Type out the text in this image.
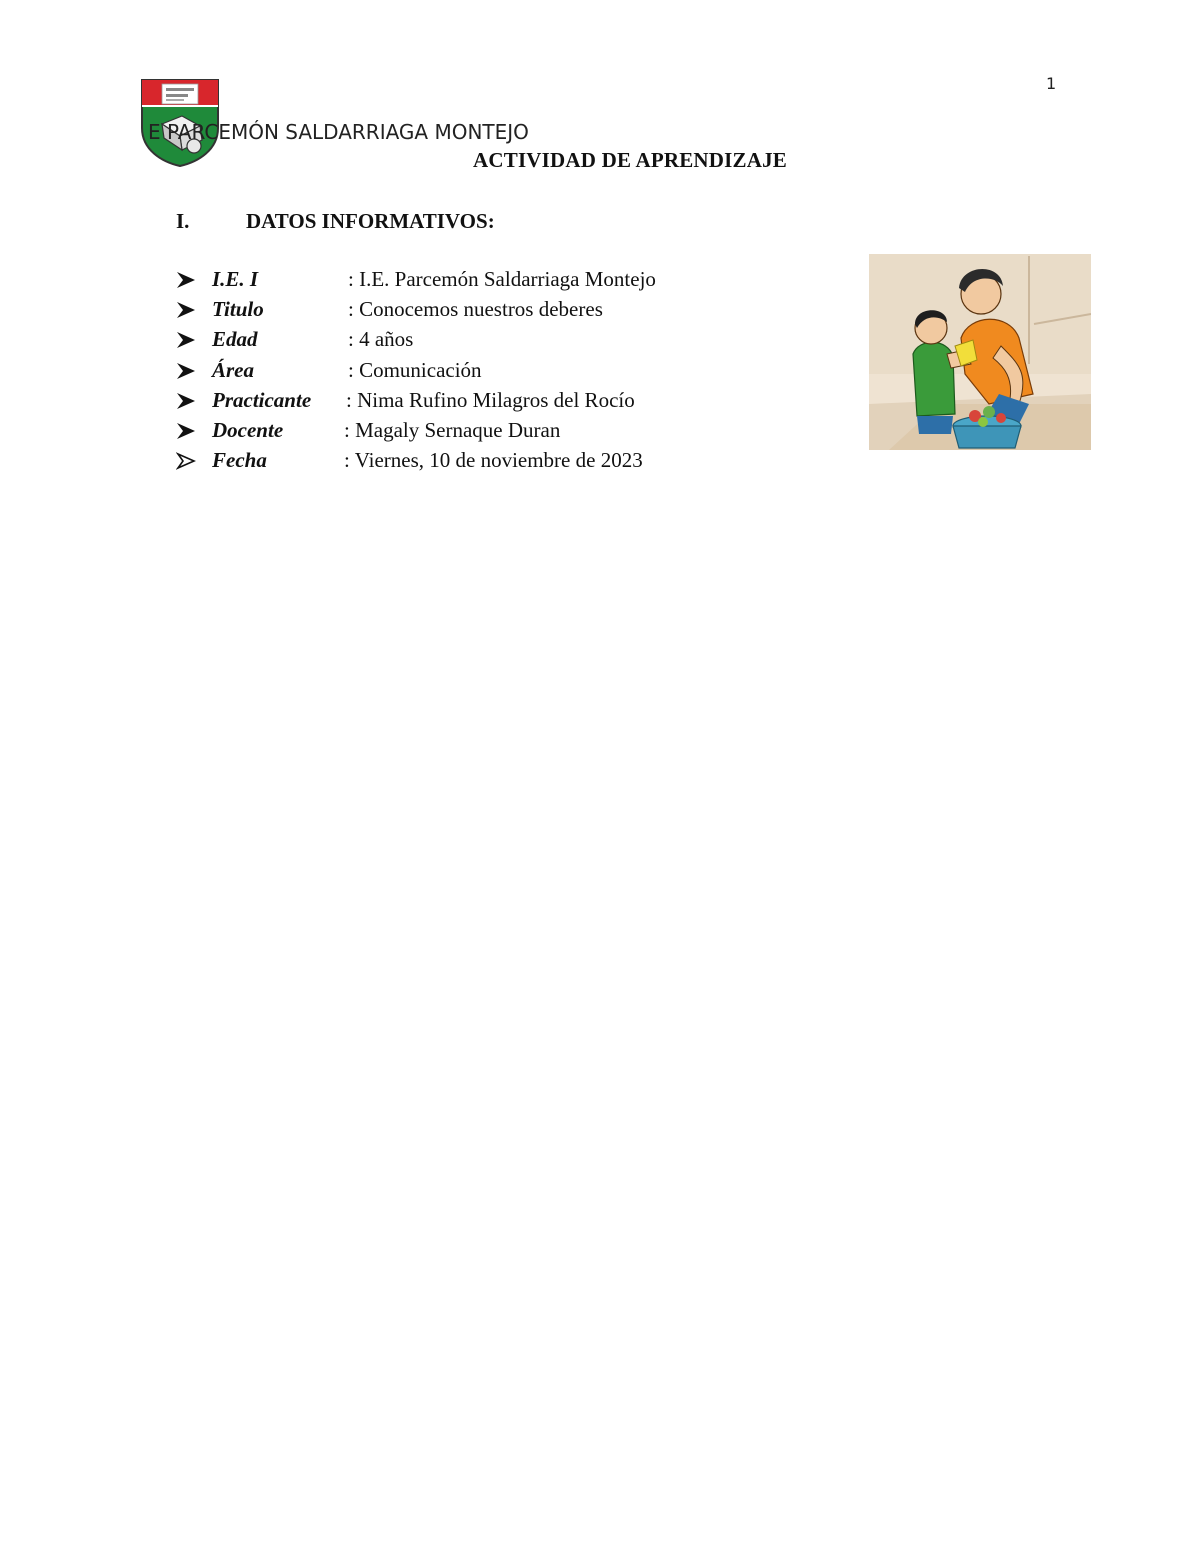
1
E PARCEMÓN SALDARRIAGA MONTEJO
ACTIVIDAD DE APRENDIZAJE
I.	DATOS INFORMATIVOS:
I.E. I	: I.E. Parcemón Saldarriaga Montejo
Titulo	: Conocemos nuestros deberes
Edad	: 4 años
Área	: Comunicación
Practicante : Nima Rufino Milagros del Rocío
Docente	: Magaly Sernaque Duran
Fecha	: Viernes, 10 de noviembre de 2023
